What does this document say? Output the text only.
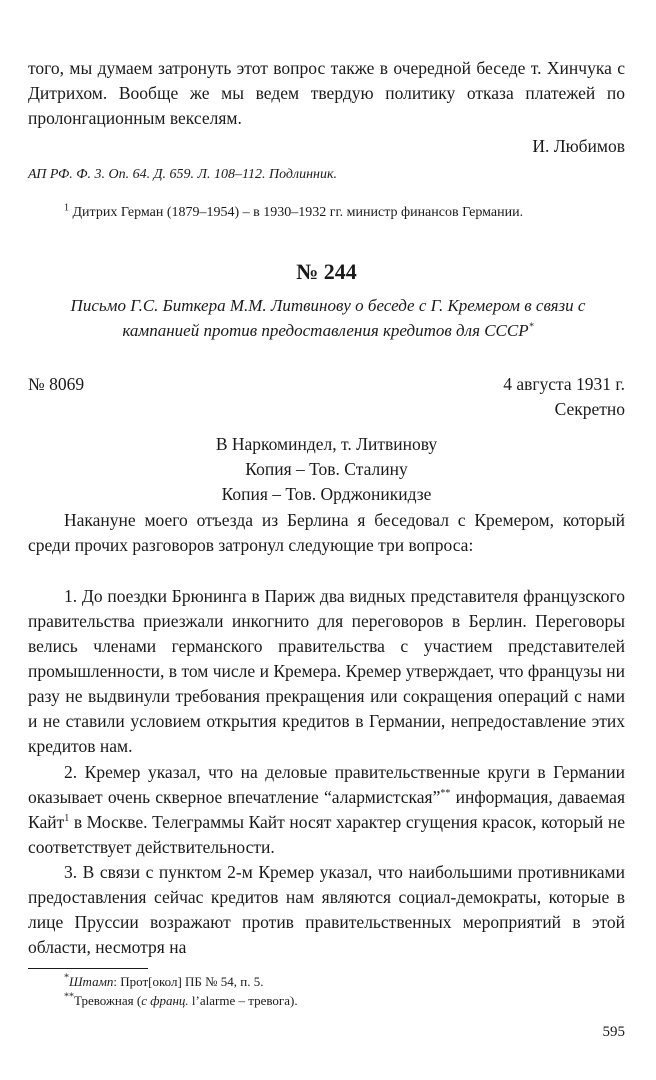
того, мы думаем затронуть этот вопрос также в очередной беседе т. Хинчука с Дитрихом. Вообще же мы ведем твердую политику отказа платежей по пролонгационным векселям.
И. Любимов
АП РФ. Ф. 3. Оп. 64. Д. 659. Л. 108–112. Подлинник.
$^1$ Дитрих Герман (1879–1954) – в 1930–1932 гг. министр финансов Германии.
№ 244
Письмо Г.С. Биткера М.М. Литвинову о беседе с Г. Кремером в связи с кампанией против предоставления кредитов для СССР*
№ 8069	4 августа 1931 г.
Секретно
В Наркоминдел, т. Литвинову
Копия – Тов. Сталину
Копия – Тов. Орджоникидзе
Накануне моего отъезда из Берлина я беседовал с Кремером, который среди прочих разговоров затронул следующие три вопроса:
1. До поездки Брюнинга в Париж два видных представителя французского правительства приезжали инкогнито для переговоров в Берлин. Переговоры велись членами германского правительства с участием представителей промышленности, в том числе и Кремера. Кремер утверждает, что французы ни разу не выдвинули требования прекращения или сокращения операций с нами и не ставили условием открытия кредитов в Германии, непредоставление этих кредитов нам.
2. Кремер указал, что на деловые правительственные круги в Германии оказывает очень скверное впечатление “алармистская”** информация, даваемая Кайт$^1$ в Москве. Телеграммы Кайт носят характер сгущения красок, который не соответствует действительности.
3. В связи с пунктом 2-м Кремер указал, что наибольшими противниками предоставления сейчас кредитов нам являются социал-демократы, которые в лице Пруссии возражают против правительственных мероприятий в этой области, несмотря на
*Штамп: Прот[окол] ПБ № 54, п. 5.
**Тревожная (с франц. l’alarme – тревога).
595
